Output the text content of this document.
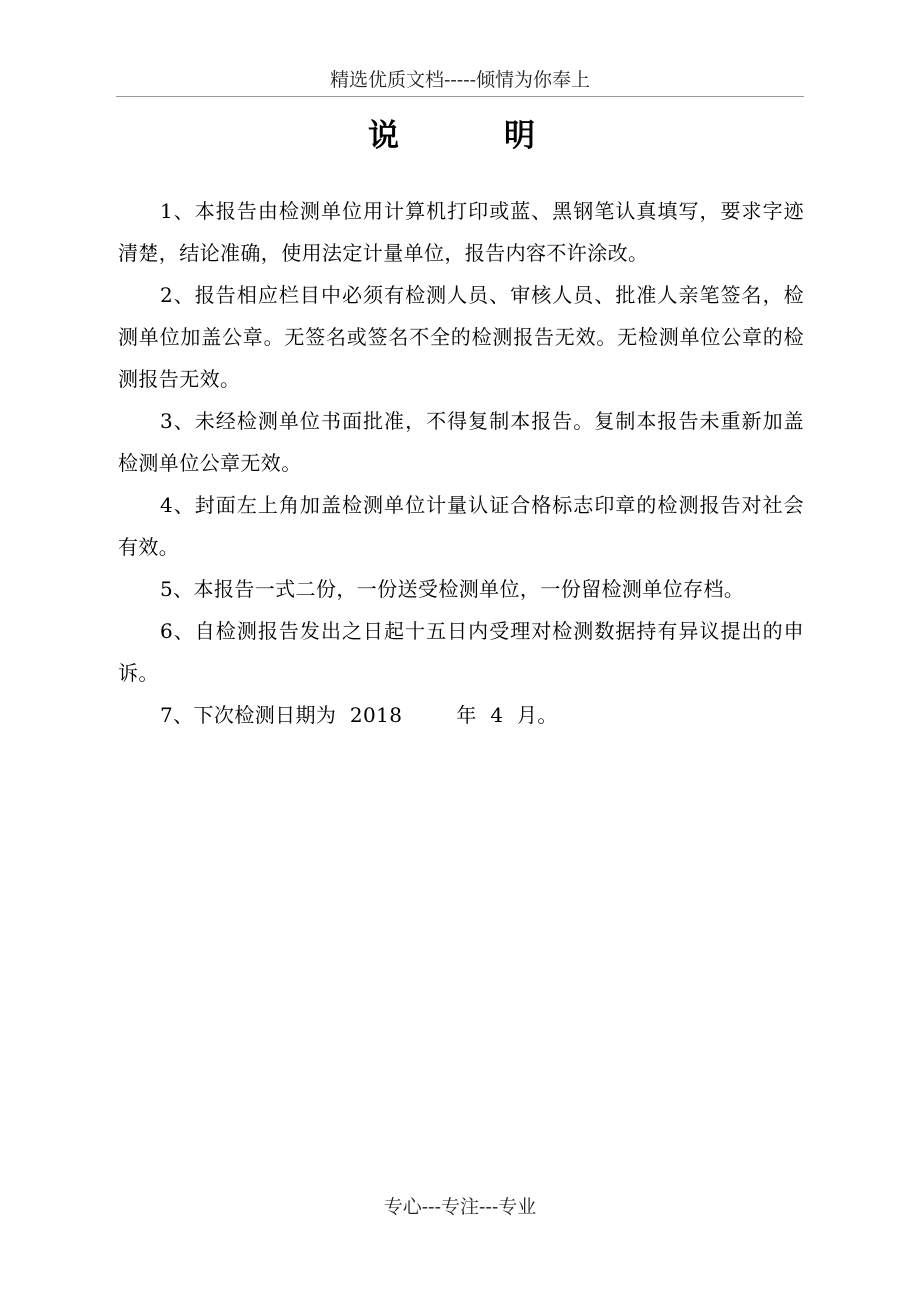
精选优质文档-----倾情为你奉上
说	明

1、本报告由检测单位用计算机打印或蓝、黑钢笔认真填写，要求字迹清楚，结论准确，使用法定计量单位，报告内容不许涂改。

2、报告相应栏目中必须有检测人员、审核人员、批准人亲笔签名，检测单位加盖公章。无签名或签名不全的检测报告无效。无检测单位公章的检测报告无效。

3、未经检测单位书面批准，不得复制本报告。复制本报告未重新加盖检测单位公章无效。

4、封面左上角加盖检测单位计量认证合格标志印章的检测报告对社会有效。

5、本报告一式二份，一份送受检测单位，一份留检测单位存档。

6、自检测报告发出之日起十五日内受理对检测数据持有异议提出的申诉。

7、下次检测日期为 2018	年 4 月。

专心---专注---专业
